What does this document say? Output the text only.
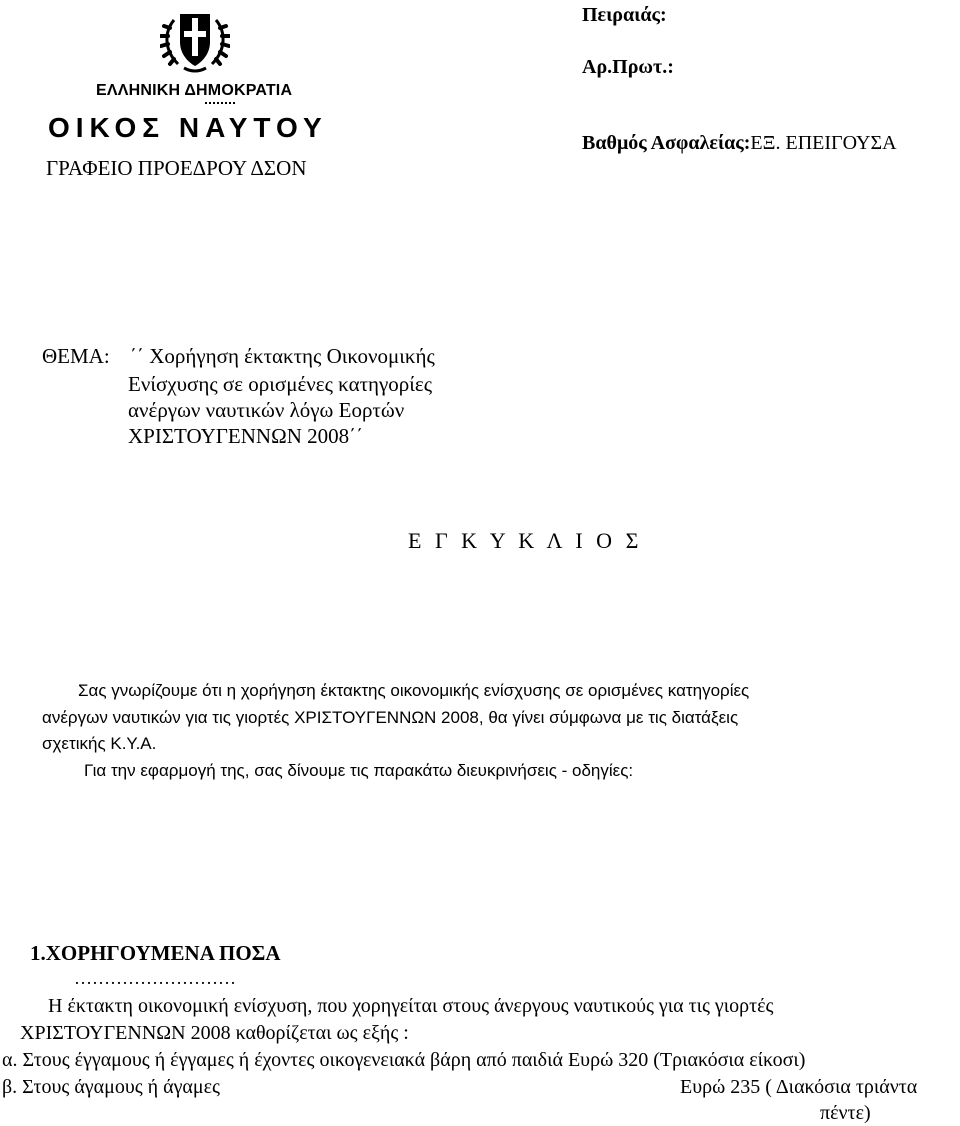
ΕΛΛΗΝΙΚΗ ΔΗΜΟΚΡΑΤΙΑ
ΟΙΚΟΣ ΝΑΥΤΟΥ
ΓΡΑΦΕΙΟ ΠΡΟΕΔΡΟΥ ΔΣΟΝ
Πειραιάς:
Αρ.Πρωτ.:
Βαθμός Ασφαλείας:ΕΞ. ΕΠΕΙΓΟΥΣΑ
ΘΕΜΑ: ΄΄ Χορήγηση έκτακτης Οικονομικής
Ενίσχυσης σε ορισμένες κατηγορίες
ανέργων ναυτικών λόγω Εορτών
ΧΡΙΣΤΟΥΓΕΝΝΩΝ 2008΄΄
Ε Γ Κ Υ Κ Λ Ι Ο Σ
Σας γνωρίζουμε ότι η χορήγηση έκτακτης οικονομικής ενίσχυσης σε ορισμένες κατηγορίες
ανέργων ναυτικών για τις γιορτές ΧΡΙΣΤΟΥΓΕΝΝΩΝ 2008, θα γίνει σύμφωνα με τις διατάξεις
σχετικής Κ.Υ.Α.
Για την εφαρμογή της, σας δίνουμε τις παρακάτω διευκρινήσεις - οδηγίες:
1.ΧΟΡΗΓΟΥΜΕΝΑ ΠΟΣΑ
………………………
Η έκτακτη οικονομική ενίσχυση, που χορηγείται στους άνεργους ναυτικούς για τις γιορτές
ΧΡΙΣΤΟΥΓΕΝΝΩΝ 2008 καθορίζεται ως εξής :
α. Στους έγγαμους ή έγγαμες ή έχοντες οικογενειακά βάρη από παιδιά Ευρώ 320 (Τριακόσια είκοσι)
β. Στους άγαμους ή άγαμες	Ευρώ 235 ( Διακόσια τριάντα
πέντε)
